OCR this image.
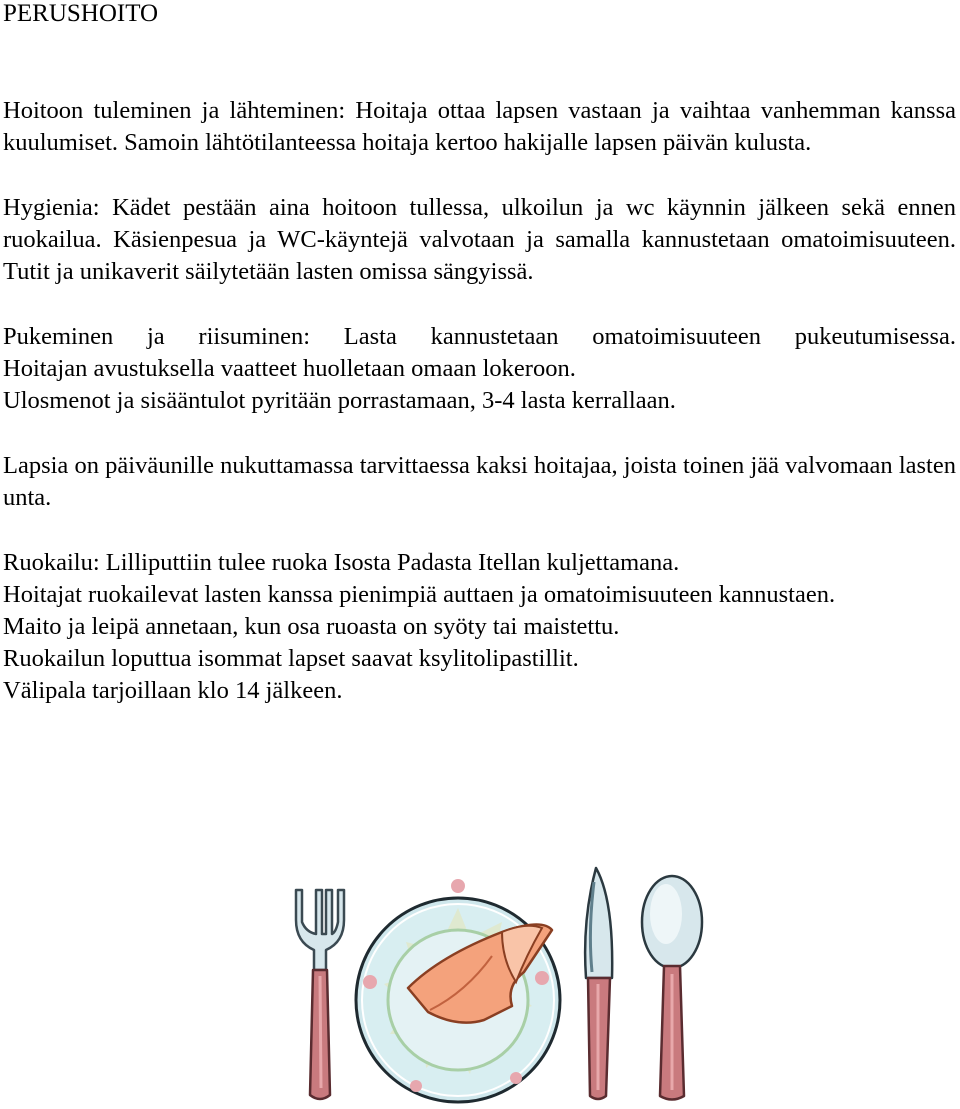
PERUSHOITO

Hoitoon tuleminen ja lähteminen: Hoitaja ottaa lapsen vastaan ja vaihtaa vanhemman kanssa kuulumiset. Samoin lähtötilanteessa hoitaja kertoo hakijalle lapsen päivän kulusta.

Hygienia: Kädet pestään aina hoitoon tullessa, ulkoilun ja wc käynnin jälkeen sekä ennen ruokailua. Käsienpesua ja WC-käyntejä valvotaan ja samalla kannustetaan omatoimisuuteen. Tutit ja unikaverit säilytetään lasten omissa sängyissä.

Pukeminen ja riisuminen: Lasta kannustetaan omatoimisuuteen pukeutumisessa.
Hoitajan avustuksella vaatteet huolletaan omaan lokeroon.
Ulosmenot ja sisääntulot pyritään porrastamaan, 3-4 lasta kerrallaan.

Lapsia on päiväunille nukuttamassa tarvittaessa kaksi hoitajaa, joista toinen jää valvomaan lasten unta.

Ruokailu: Lilliputtiin tulee ruoka Isosta Padasta Itellan kuljettamana.
Hoitajat ruokailevat lasten kanssa pienimpiä auttaen ja omatoimisuuteen kannustaen.
Maito ja leipä annetaan, kun osa ruoasta on syöty tai maistettu.
Ruokailun loputtua isommat lapset saavat ksylitolipastillit.
Välipala tarjoillaan klo 14 jälkeen.
